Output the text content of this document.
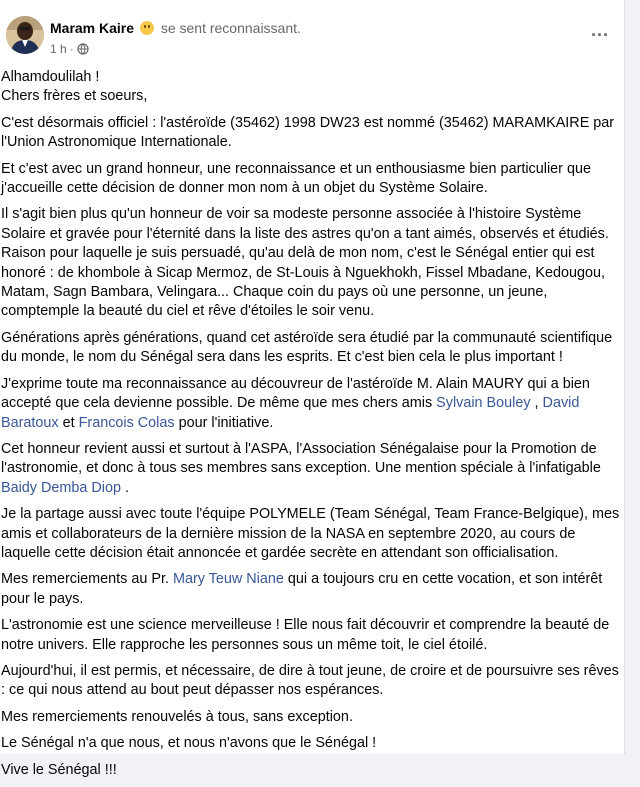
Maram Kaire se sent reconnaissant.
1 h ·
···

Alhamdoulilah !
Chers frères et soeurs,

C'est désormais officiel : l'astéroïde (35462) 1998 DW23 est nommé (35462) MARAMKAIRE par l'Union Astronomique Internationale.

Et c'est avec un grand honneur, une reconnaissance et un enthousiasme bien particulier que j'accueille cette décision de donner mon nom à un objet du Système Solaire.

Il s'agit bien plus qu'un honneur de voir sa modeste personne associée à l'histoire Système Solaire et gravée pour l'éternité dans la liste des astres qu'on a tant aimés, observés et étudiés. Raison pour laquelle je suis persuadé, qu'au delà de mon nom, c'est le Sénégal entier qui est honoré : de khombole à Sicap Mermoz, de St-Louis à Nguekhokh, Fissel Mbadane, Kedougou, Matam, Sagn Bambara, Velingara... Chaque coin du pays où une personne, un jeune, comptemple la beauté du ciel et rêve d'étoiles le soir venu.

Générations après générations, quand cet astéroïde sera étudié par la communauté scientifique du monde, le nom du Sénégal sera dans les esprits. Et c'est bien cela le plus important !

J'exprime toute ma reconnaissance au découvreur de l'astéroïde M. Alain MAURY qui a bien accepté que cela devienne possible. De même que mes chers amis Sylvain Bouley , David Baratoux et Francois Colas pour l'initiative.

Cet honneur revient aussi et surtout à l'ASPA, l'Association Sénégalaise pour la Promotion de l'astronomie, et donc à tous ses membres sans exception. Une mention spéciale à l'infatigable Baidy Demba Diop .

Je la partage aussi avec toute l'équipe POLYMELE (Team Sénégal, Team France-Belgique), mes amis et collaborateurs de la dernière mission de la NASA en septembre 2020, au cours de laquelle cette décision était annoncée et gardée secrète en attendant son officialisation.

Mes remerciements au Pr. Mary Teuw Niane qui a toujours cru en cette vocation, et son intérêt pour le pays.

L'astronomie est une science merveilleuse ! Elle nous fait découvrir et comprendre la beauté de notre univers. Elle rapproche les personnes sous un même toit, le ciel étoilé.

Aujourd'hui, il est permis, et nécessaire, de dire à tout jeune, de croire et de poursuivre ses rêves : ce qui nous attend au bout peut dépasser nos espérances.

Mes remerciements renouvelés à tous, sans exception.

Le Sénégal n'a que nous, et nous n'avons que le Sénégal !

Vive le Sénégal !!!
